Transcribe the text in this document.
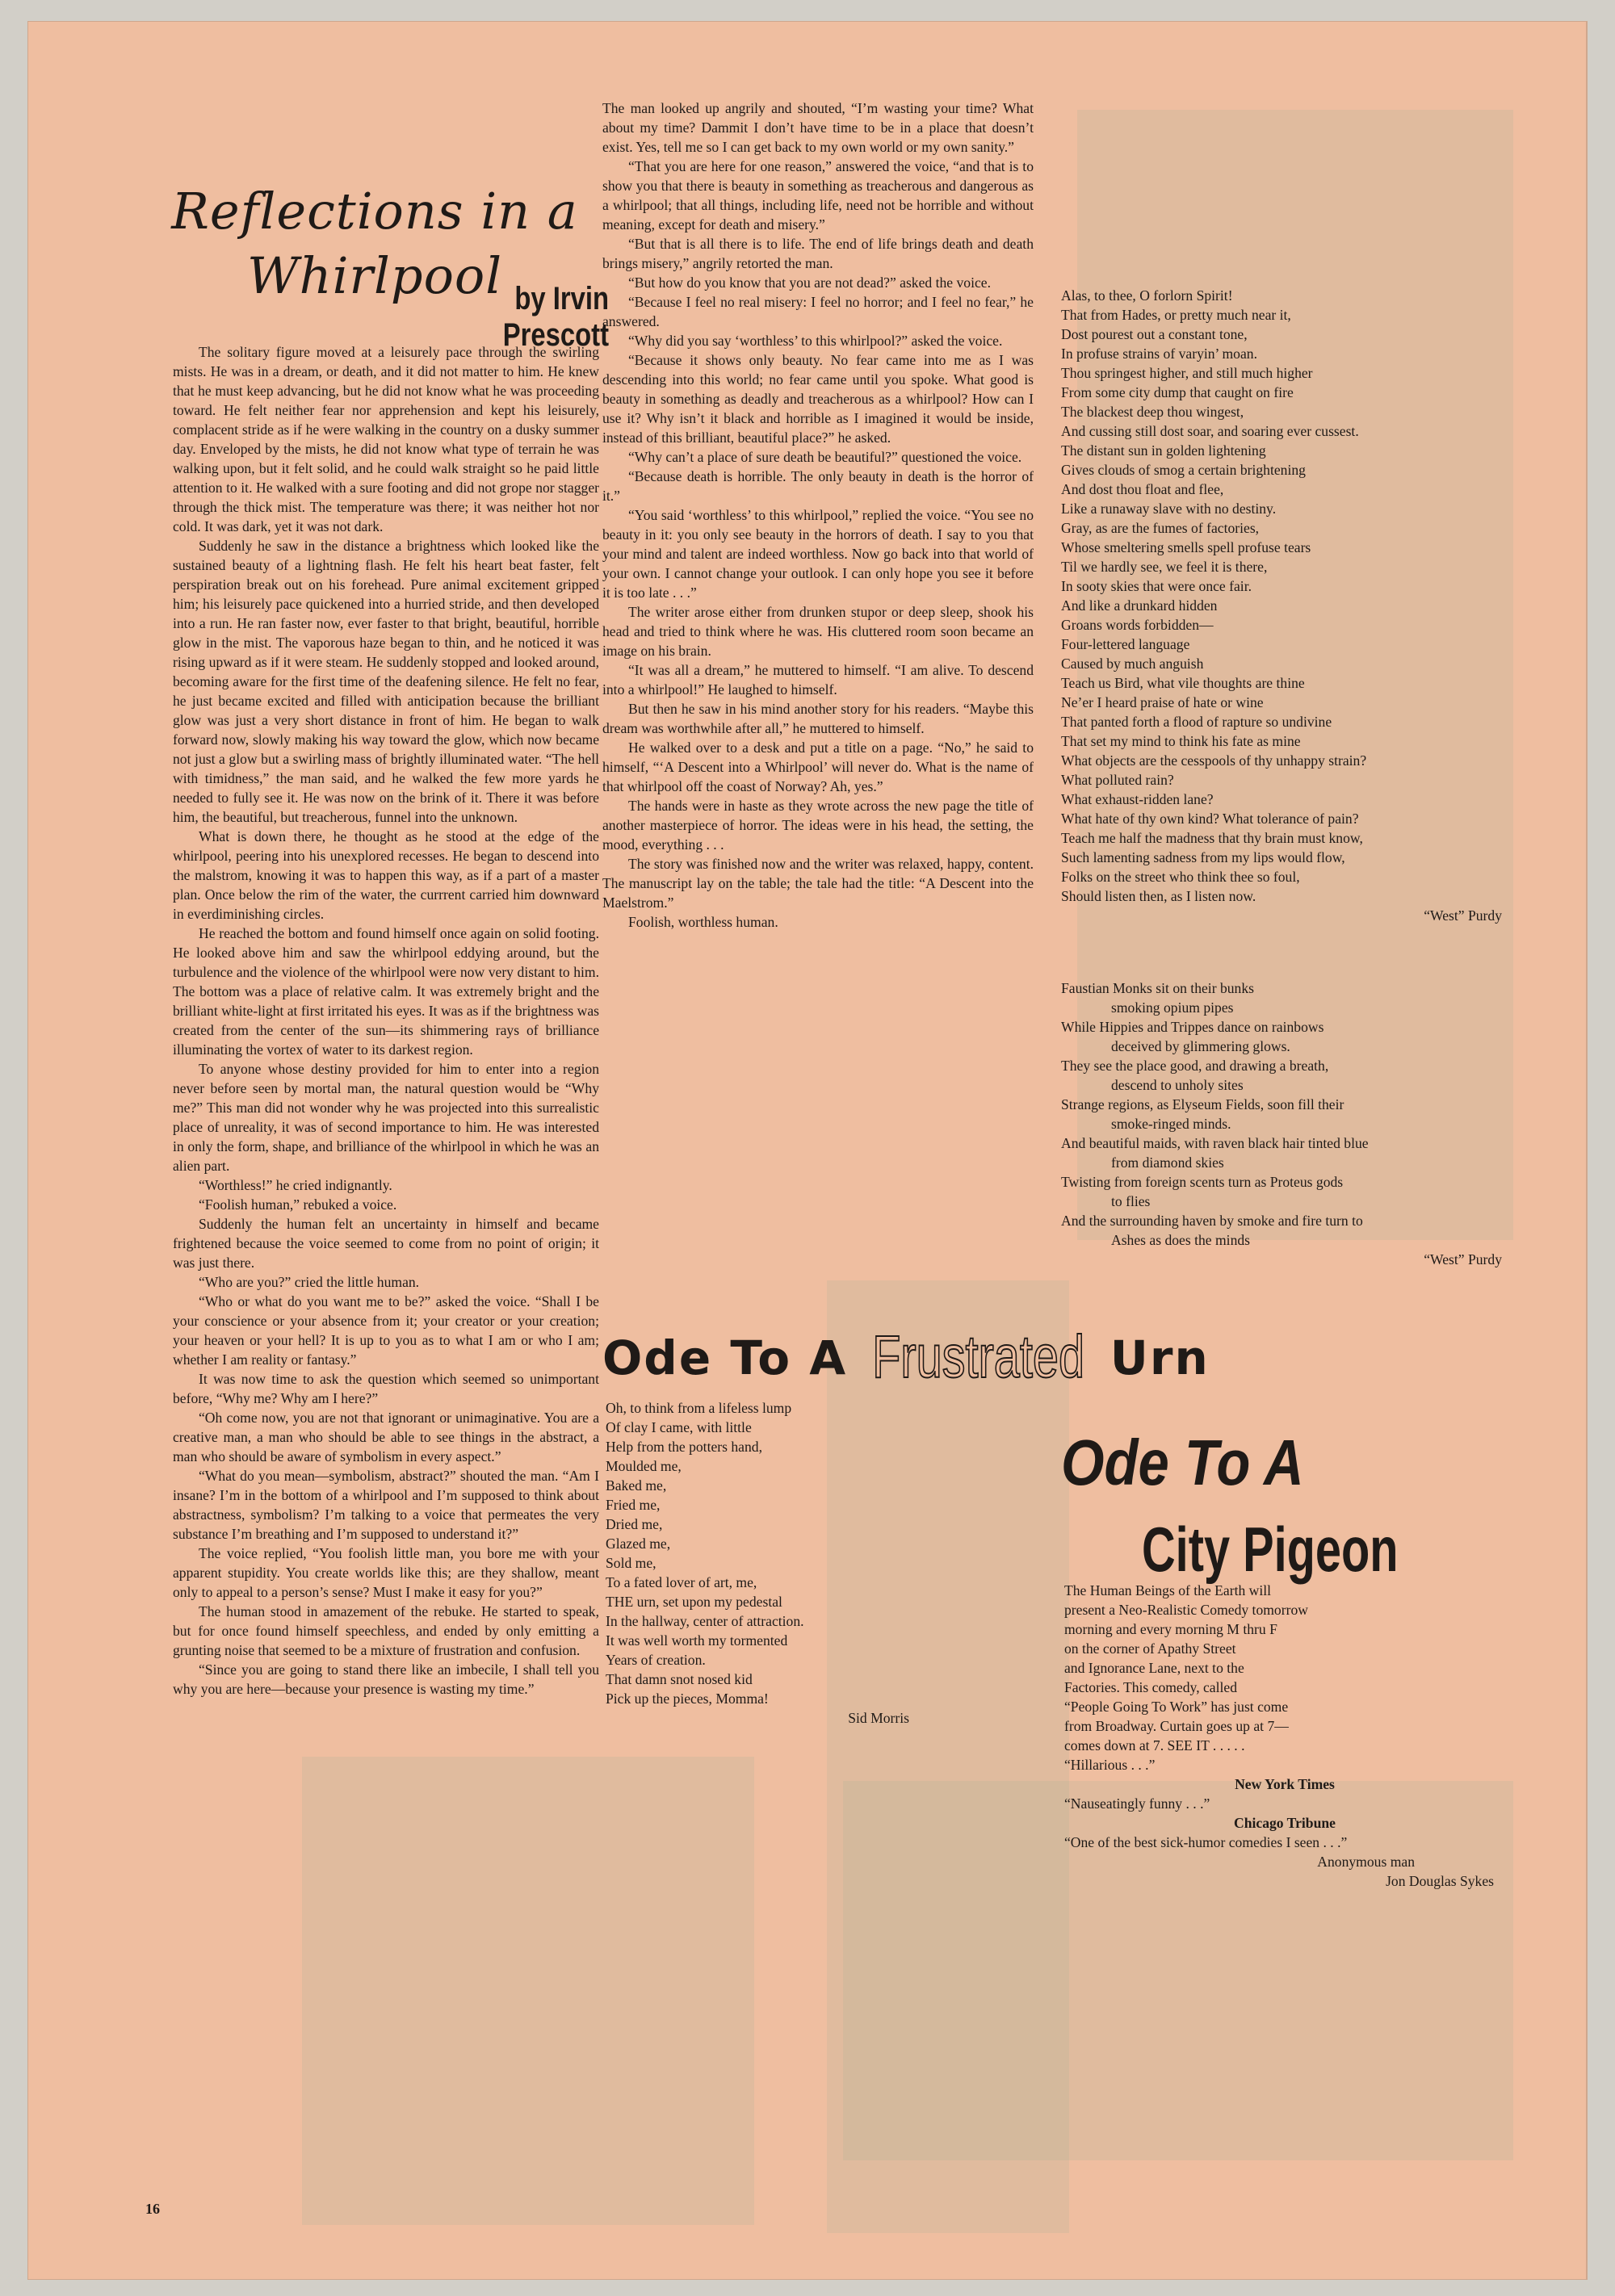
Reflections in a Whirlpool by Irvin Prescott

The solitary figure moved at a leisurely pace through the swirling mists. He was in a dream, or death, and it did not matter to him. He knew that he must keep advancing, but he did not know what he was proceeding toward. He felt neither fear nor apprehension and kept his leisurely, complacent stride as if he were walking in the country on a dusky summer day. Enveloped by the mists, he did not know what type of terrain he was walking upon, but it felt solid, and he could walk straight so he paid little attention to it. He walked with a sure footing and did not grope nor stagger through the thick mist. The temperature was there; it was neither hot nor cold. It was dark, yet it was not dark.

Suddenly he saw in the distance a brightness which looked like the sustained beauty of a lightning flash. He felt his heart beat faster, felt perspiration break out on his forehead. Pure animal excitement gripped him; his leisurely pace quickened into a hurried stride, and then developed into a run. He ran faster now, ever faster to that bright, beautiful, horrible glow in the mist. The vaporous haze began to thin, and he noticed it was rising upward as if it were steam. He suddenly stopped and looked around, becoming aware for the first time of the deafening silence. He felt no fear, he just became excited and filled with anticipation because the brilliant glow was just a very short distance in front of him. He began to walk forward now, slowly making his way toward the glow, which now became not just a glow but a swirling mass of brightly illuminated water. “The hell with timidness,” the man said, and he walked the few more yards he needed to fully see it. He was now on the brink of it. There it was before him, the beautiful, but treacherous, funnel into the unknown.

What is down there, he thought as he stood at the edge of the whirlpool, peering into his unexplored recesses. He began to descend into the malstrom, knowing it was to happen this way, as if a part of a master plan. Once below the rim of the water, the currrent carried him downward in everdiminishing circles.

He reached the bottom and found himself once again on solid footing. He looked above him and saw the whirlpool eddying around, but the turbulence and the violence of the whirlpool were now very distant to him. The bottom was a place of relative calm. It was extremely bright and the brilliant white-light at first irritated his eyes. It was as if the brightness was created from the center of the sun—its shimmering rays of brilliance illuminating the vortex of water to its darkest region.

To anyone whose destiny provided for him to enter into a region never before seen by mortal man, the natural question would be “Why me?” This man did not wonder why he was projected into this surrealistic place of unreality, it was of second importance to him. He was interested in only the form, shape, and brilliance of the whirlpool in which he was an alien part.

“Worthless!” he cried indignantly.

“Foolish human,” rebuked a voice.

Suddenly the human felt an uncertainty in himself and became frightened because the voice seemed to come from no point of origin; it was just there.

“Who are you?” cried the little human.

“Who or what do you want me to be?” asked the voice. “Shall I be your conscience or your absence from it; your creator or your creation; your heaven or your hell? It is up to you as to what I am or who I am; whether I am reality or fantasy.”

It was now time to ask the question which seemed so unimportant before, “Why me? Why am I here?”

“Oh come now, you are not that ignorant or unimaginative. You are a creative man, a man who should be able to see things in the abstract, a man who should be aware of symbolism in every aspect.”

“What do you mean—symbolism, abstract?” shouted the man. “Am I insane? I’m in the bottom of a whirlpool and I’m supposed to think about abstractness, symbolism? I’m talking to a voice that permeates the very substance I’m breathing and I’m supposed to understand it?”

The voice replied, “You foolish little man, you bore me with your apparent stupidity. You create worlds like this; are they shallow, meant only to appeal to a person’s sense? Must I make it easy for you?”

The human stood in amazement of the rebuke. He started to speak, but for once found himself speechless, and ended by only emitting a grunting noise that seemed to be a mixture of frustration and confusion.

“Since you are going to stand there like an imbecile, I shall tell you why you are here—because your presence is wasting my time.”

The man looked up angrily and shouted, “I’m wasting your time? What about my time? Dammit I don’t have time to be in a place that doesn’t exist. Yes, tell me so I can get back to my own world or my own sanity.”

“That you are here for one reason,” answered the voice, “and that is to show you that there is beauty in something as treacherous and dangerous as a whirlpool; that all things, including life, need not be horrible and without meaning, except for death and misery.”

“But that is all there is to life. The end of life brings death and death brings misery,” angrily retorted the man.

“But how do you know that you are not dead?” asked the voice.

“Because I feel no real misery: I feel no horror; and I feel no fear,” he answered.

“Why did you say ‘worthless’ to this whirlpool?” asked the voice.

“Because it shows only beauty. No fear came into me as I was descending into this world; no fear came until you spoke. What good is beauty in something as deadly and treacherous as a whirlpool? How can I use it? Why isn’t it black and horrible as I imagined it would be inside, instead of this brilliant, beautiful place?” he asked.

“Why can’t a place of sure death be beautiful?” questioned the voice.

“Because death is horrible. The only beauty in death is the horror of it.”

“You said ‘worthless’ to this whirlpool,” replied the voice. “You see no beauty in it: you only see beauty in the horrors of death. I say to you that your mind and talent are indeed worthless. Now go back into that world of your own. I cannot change your outlook. I can only hope you see it before it is too late . . .”

The writer arose either from drunken stupor or deep sleep, shook his head and tried to think where he was. His cluttered room soon became an image on his brain.

“It was all a dream,” he muttered to himself. “I am alive. To descend into a whirlpool!” He laughed to himself.

But then he saw in his mind another story for his readers. “Maybe this dream was worthwhile after all,” he muttered to himself.

He walked over to a desk and put a title on a page. “No,” he said to himself, “‘A Descent into a Whirlpool’ will never do. What is the name of that whirlpool off the coast of Norway? Ah, yes.”

The hands were in haste as they wrote across the new page the title of another masterpiece of horror. The ideas were in his head, the setting, the mood, everything . . .

The story was finished now and the writer was relaxed, happy, content. The manuscript lay on the table; the tale had the title: “A Descent into the Maelstrom.”

Foolish, worthless human.

Alas, to thee, O forlorn Spirit!
That from Hades, or pretty much near it,
Dost pourest out a constant tone,
In profuse strains of varyin’ moan.
Thou springest higher, and still much higher
From some city dump that caught on fire
The blackest deep thou wingest,
And cussing still dost soar, and soaring ever cussest.
The distant sun in golden lightening
Gives clouds of smog a certain brightening
And dost thou float and flee,
Like a runaway slave with no destiny.
Gray, as are the fumes of factories,
Whose smeltering smells spell profuse tears
Til we hardly see, we feel it is there,
In sooty skies that were once fair.
And like a drunkard hidden
Groans words forbidden—
Four-lettered language
Caused by much anguish
Teach us Bird, what vile thoughts are thine
Ne’er I heard praise of hate or wine
That panted forth a flood of rapture so undivine
That set my mind to think his fate as mine
What objects are the cesspools of thy unhappy strain?
What polluted rain?
What exhaust-ridden lane?
What hate of thy own kind? What tolerance of pain?
Teach me half the madness that thy brain must know,
Such lamenting sadness from my lips would flow,
Folks on the street who think thee so foul,
Should listen then, as I listen now.
“West” Purdy
Faustian Monks sit on their bunks
smoking opium pipes
While Hippies and Trippes dance on rainbows
deceived by glimmering glows.
They see the place good, and drawing a breath,
descend to unholy sites
Strange regions, as Elyseum Fields, soon fill their
smoke-ringed minds.
And beautiful maids, with raven black hair tinted blue
from diamond skies
Twisting from foreign scents turn as Proteus gods
to flies
And the surrounding haven by smoke and fire turn to
Ashes as does the minds
“West” Purdy
Ode To A Frustrated Urn
Oh, to think from a lifeless lump
Of clay I came, with little
Help from the potters hand,
Moulded me,
Baked me,
Fried me,
Dried me,
Glazed me,
Sold me,
To a fated lover of art, me,
THE urn, set upon my pedestal
In the hallway, center of attraction.
It was well worth my tormented
Years of creation.
That damn snot nosed kid
Pick up the pieces, Momma!
Sid Morris
Ode To A
City Pigeon
The Human Beings of the Earth will
present a Neo-Realistic Comedy tomorrow
morning and every morning M thru F
on the corner of Apathy Street
and Ignorance Lane, next to the
Factories. This comedy, called
“People Going To Work” has just come
from Broadway. Curtain goes up at 7—
comes down at 7. SEE IT . . . . .
“Hillarious . . .”
New York Times
“Nauseatingly funny . . .”
Chicago Tribune
“One of the best sick-humor comedies I seen . . .”
Anonymous man
Jon Douglas Sykes
16
